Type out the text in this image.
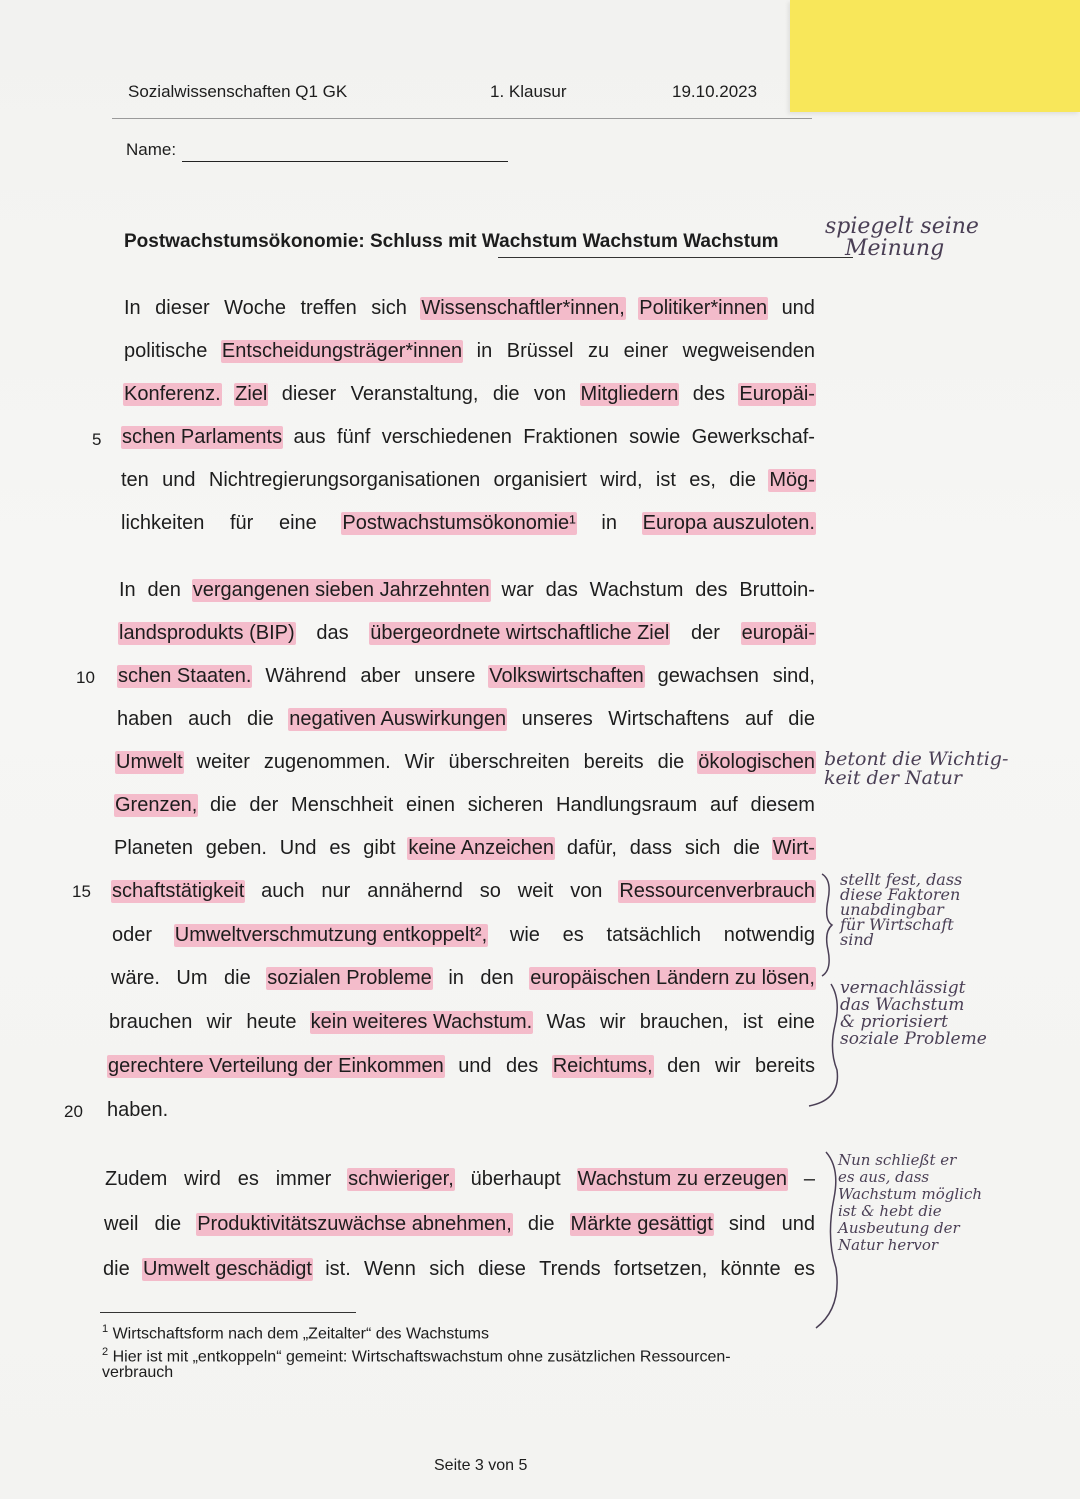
Sozialwissenschaften Q1 GK	1. Klausur	19.10.2023
Name:
Postwachstumsökonomie: Schluss mit Wachstum Wachstum Wachstum
In dieser Woche treffen sich Wissenschaftler*innen, Politiker*innen und
politische Entscheidungsträger*innen in Brüssel zu einer wegweisenden
Konferenz. Ziel dieser Veranstaltung, die von Mitgliedern des Europäi-
schen Parlaments aus fünf verschiedenen Fraktionen sowie Gewerkschaf-
ten und Nichtregierungsorganisationen organisiert wird, ist es, die Mög-
lichkeiten für eine Postwachstumsökonomie¹ in Europa auszuloten.
In den vergangenen sieben Jahrzehnten war das Wachstum des Bruttoin-
landsprodukts (BIP) das übergeordnete wirtschaftliche Ziel der europäi-
schen Staaten. Während aber unsere Volkswirtschaften gewachsen sind,
haben auch die negativen Auswirkungen unseres Wirtschaftens auf die
Umwelt weiter zugenommen. Wir überschreiten bereits die ökologischen
Grenzen, die der Menschheit einen sicheren Handlungsraum auf diesem
Planeten geben. Und es gibt keine Anzeichen dafür, dass sich die Wirt-
schaftstätigkeit auch nur annähernd so weit von Ressourcenverbrauch
oder Umweltverschmutzung entkoppelt², wie es tatsächlich notwendig
wäre. Um die sozialen Probleme in den europäischen Ländern zu lösen,
brauchen wir heute kein weiteres Wachstum. Was wir brauchen, ist eine
gerechtere Verteilung der Einkommen und des Reichtums, den wir bereits
haben.
Zudem wird es immer schwieriger, überhaupt Wachstum zu erzeugen –
weil die Produktivitätszuwächse abnehmen, die Märkte gesättigt sind und
die Umwelt geschädigt ist. Wenn sich diese Trends fortsetzen, könnte es
5
10
15
20
$^1$ Wirtschaftsform nach dem „Zeitalter“ des Wachstums
$^2$ Hier ist mit „entkoppeln“ gemeint: Wirtschaftswachstum ohne zusätzlichen Ressourcen-
verbrauch
Seite 3 von 5
spiegelt seine
Meinung
betont die Wichtig-
keit der Natur
stellt fest, dass
diese Faktoren
unabdingbar
für Wirtschaft
sind
vernachlässigt
das Wachstum
& priorisiert
soziale Probleme
Nun schließt er
es aus, dass
Wachstum möglich
ist & hebt die
Ausbeutung der
Natur hervor
